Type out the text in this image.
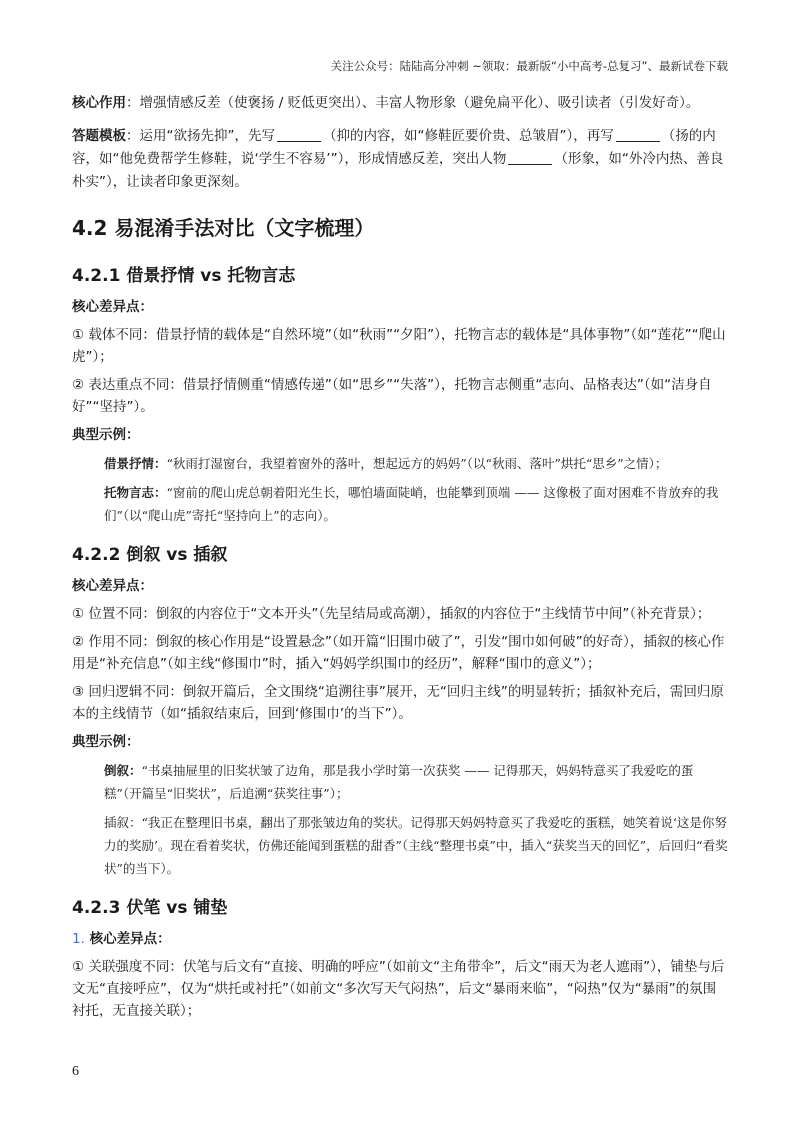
关注公众号：陆陆高分冲刺 ~领取：最新版“小中高考-总复习”、最新试卷下载

核心作用：增强情感反差（使褒扬 / 贬低更突出）、丰富人物形象（避免扁平化）、吸引读者（引发好奇）。

答题模板：运用“欲扬先抑”，先写	（抑的内容，如“修鞋匠要价贵、总皱眉”），再写	（扬的内容，如“他免费帮学生修鞋，说‘学生不容易’”），形成情感反差，突出人物	（形象，如“外冷内热、善良朴实”），让读者印象更深刻。

4.2 易混淆手法对比（文字梳理）
4.2.1 借景抒情 vs 托物言志

核心差异点：

① 载体不同：借景抒情的载体是“自然环境”（如“秋雨”“夕阳”），托物言志的载体是“具体事物”（如“莲花”“爬山虎”）；

② 表达重点不同：借景抒情侧重“情感传递”（如“思乡”“失落”），托物言志侧重“志向、品格表达”（如“洁身自好”“坚持”）。

典型示例：

借景抒情：“秋雨打湿窗台，我望着窗外的落叶，想起远方的妈妈”（以“秋雨、落叶”烘托“思乡”之情）；

托物言志：“窗前的爬山虎总朝着阳光生长，哪怕墙面陡峭，也能攀到顶端 —— 这像极了面对困难不肯放弃的我们”（以“爬山虎”寄托“坚持向上”的志向）。

4.2.2 倒叙 vs 插叙

核心差异点：

① 位置不同：倒叙的内容位于“文本开头”（先呈结局或高潮），插叙的内容位于“主线情节中间”（补充背景）；

② 作用不同：倒叙的核心作用是“设置悬念”（如开篇“旧围巾破了”，引发“围巾如何破”的好奇），插叙的核心作用是“补充信息”（如主线“修围巾”时，插入“妈妈学织围巾的经历”，解释“围巾的意义”）；

③ 回归逻辑不同：倒叙开篇后，全文围绕“追溯往事”展开，无“回归主线”的明显转折；插叙补充后，需回归原本的主线情节（如“插叙结束后，回到‘修围巾’的当下”）。

典型示例：

倒叙：“书桌抽屉里的旧奖状皱了边角，那是我小学时第一次获奖 —— 记得那天，妈妈特意买了我爱吃的蛋糕”（开篇呈“旧奖状”，后追溯“获奖往事”）；

插叙：“我正在整理旧书桌，翻出了那张皱边角的奖状。记得那天妈妈特意买了我爱吃的蛋糕，她笑着说‘这是你努力的奖励’。现在看着奖状，仿佛还能闻到蛋糕的甜香”（主线“整理书桌”中，插入“获奖当天的回忆”，后回归“看奖状”的当下）。

4.2.3 伏笔 vs 铺垫

1. 核心差异点：

① 关联强度不同：伏笔与后文有“直接、明确的呼应”（如前文“主角带伞”，后文“雨天为老人遮雨”），铺垫与后文无“直接呼应”，仅为“烘托或衬托”（如前文“多次写天气闷热”，后文“暴雨来临”，“闷热”仅为“暴雨”的氛围衬托，无直接关联）；

6
